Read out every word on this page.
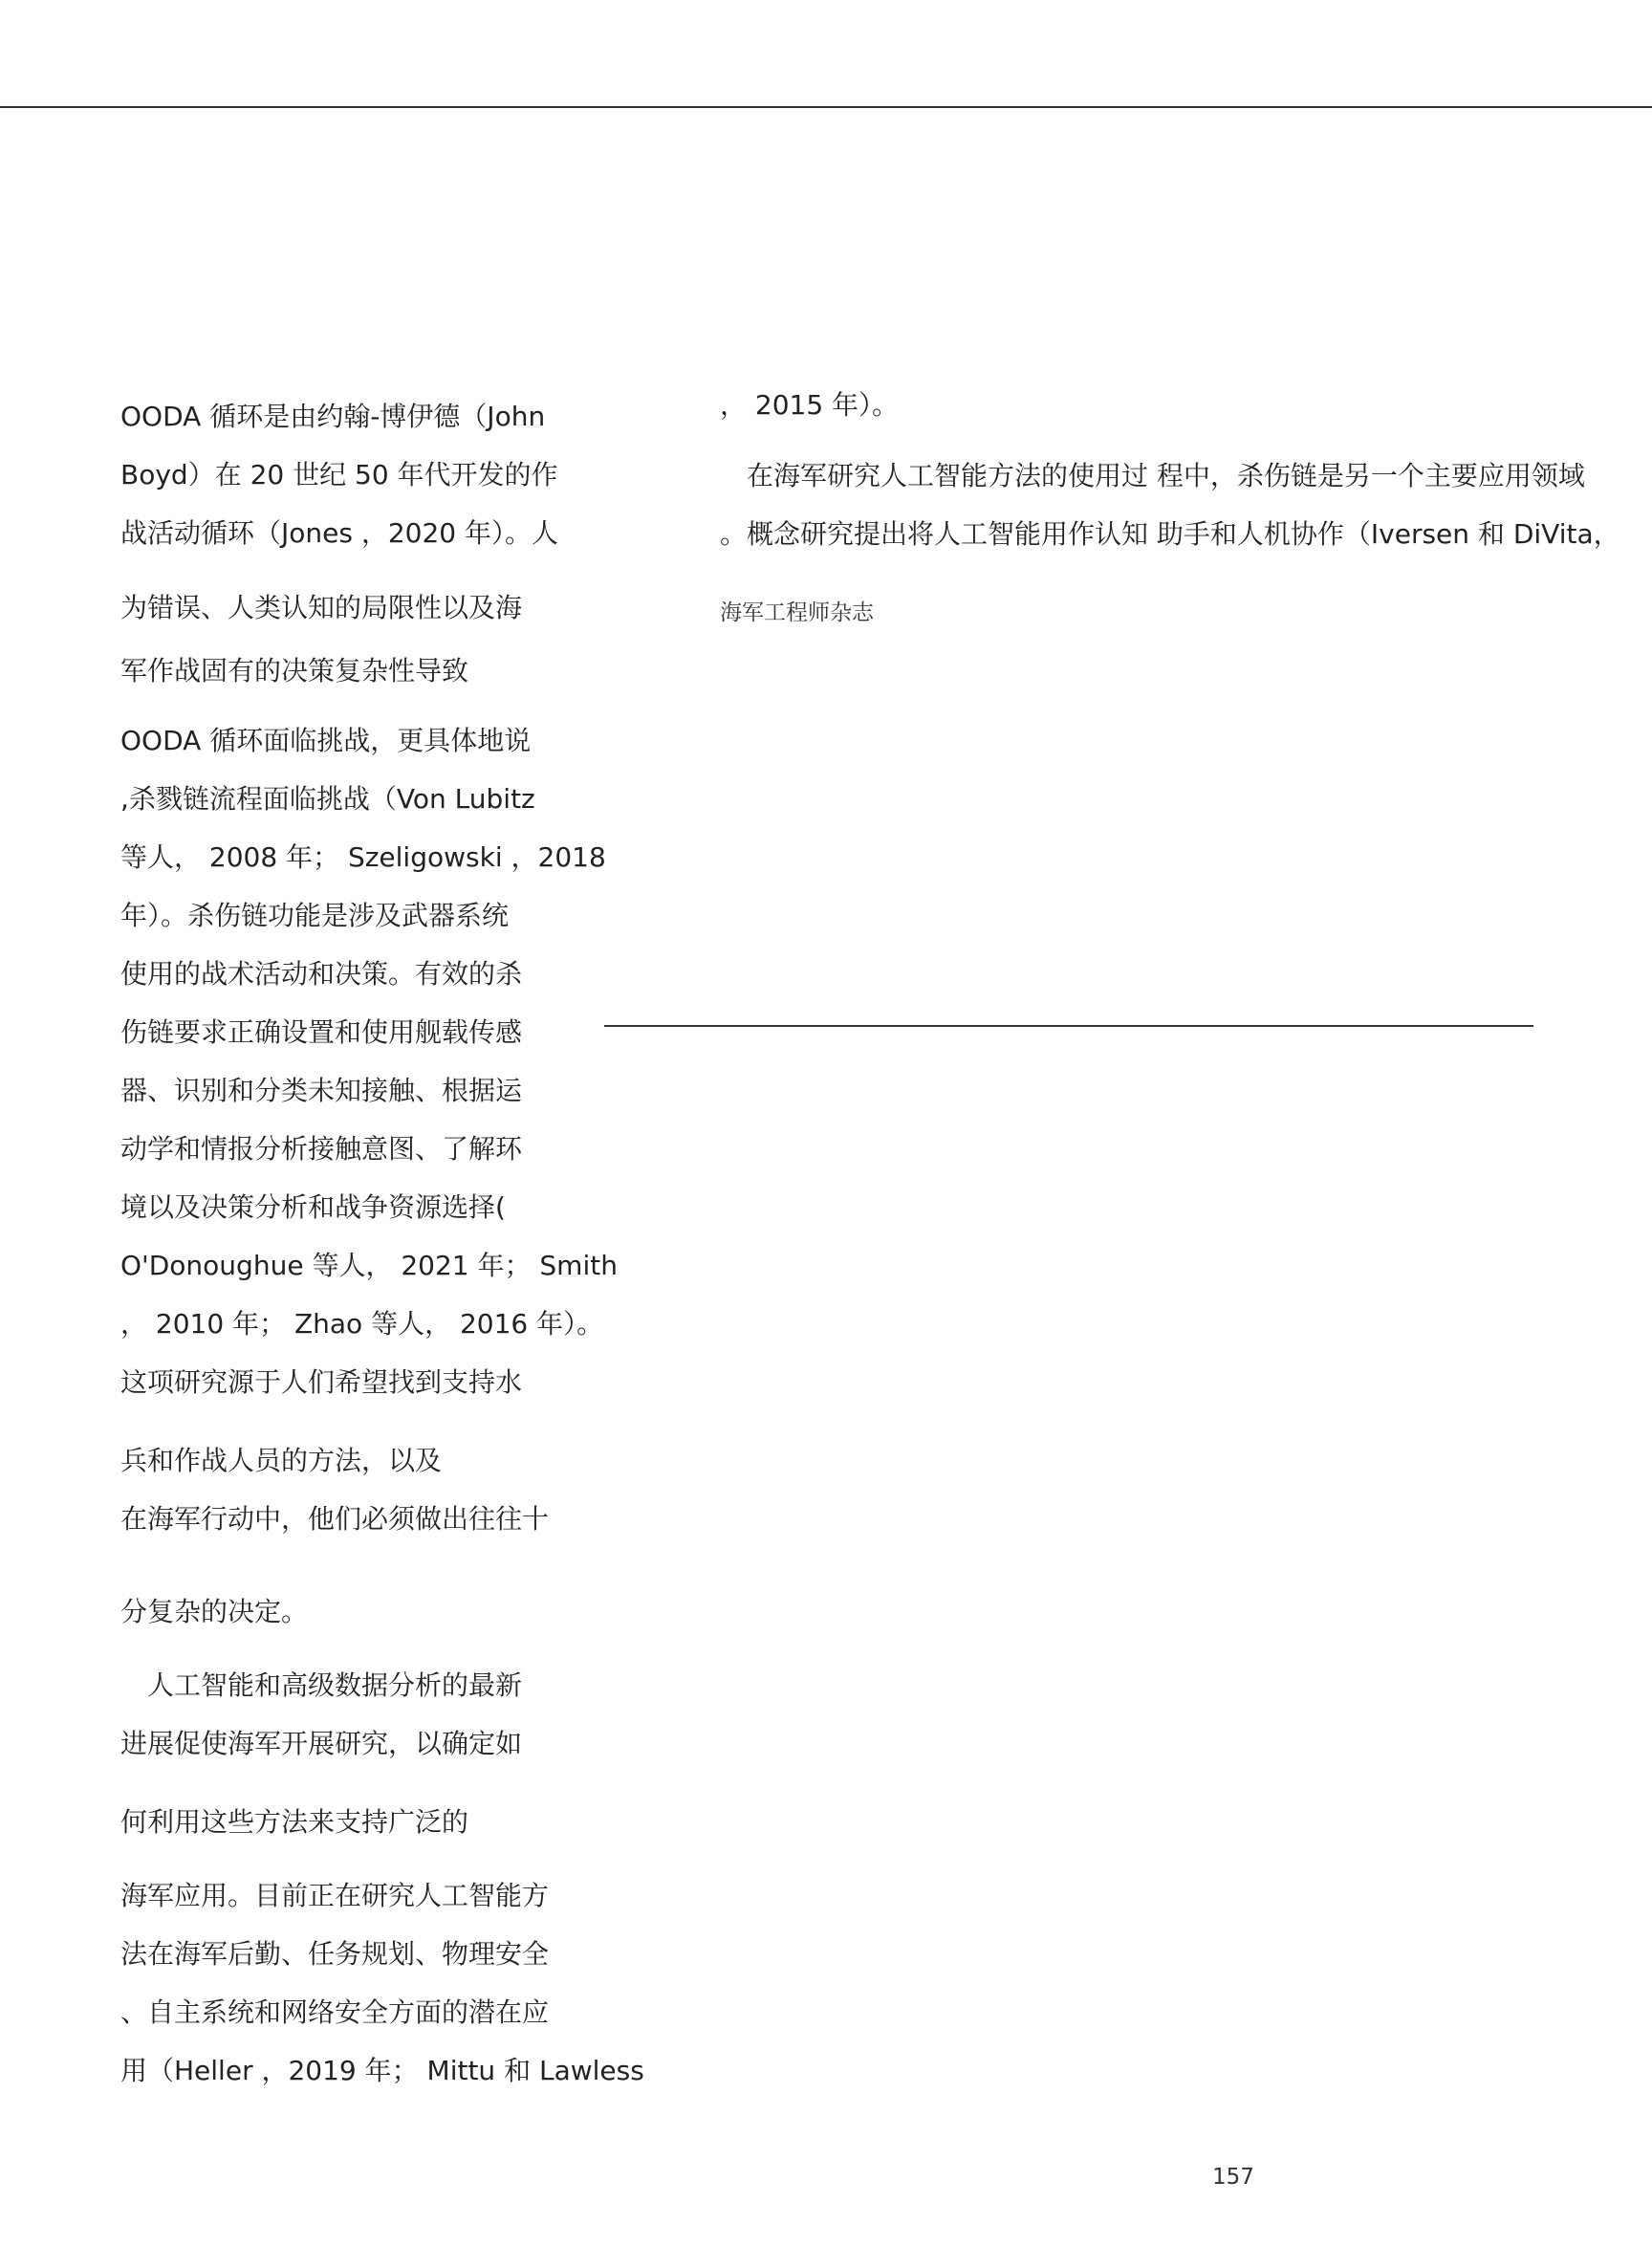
OODA 循环是由约翰-博伊德（John
Boyd）在 20 世纪 50 年代开发的作
战活动循环（Jones ，2020 年）。人
为错误、人类认知的局限性以及海
军作战固有的决策复杂性导致
OODA 循环面临挑战，更具体地说
,杀戮链流程面临挑战（Von Lubitz
等人， 2008 年； Szeligowski ，2018
年）。杀伤链功能是涉及武器系统
使用的战术活动和决策。有效的杀
伤链要求正确设置和使用舰载传感
器、识别和分类未知接触、根据运
动学和情报分析接触意图、了解环
境以及决策分析和战争资源选择(
O'Donoughue 等人， 2021 年； Smith
， 2010 年； Zhao 等人， 2016 年）。
这项研究源于人们希望找到支持水
兵和作战人员的方法，以及
在海军行动中，他们必须做出往往十
分复杂的决定。
　人工智能和高级数据分析的最新
进展促使海军开展研究，以确定如
何利用这些方法来支持广泛的
海军应用。目前正在研究人工智能方
法在海军后勤、任务规划、物理安全
、自主系统和网络安全方面的潜在应
用（Heller ，2019 年； Mittu 和 Lawless
， 2015 年）。
　在海军研究人工智能方法的使用过 程中，杀伤链是另一个主要应用领域
。概念研究提出将人工智能用作认知 助手和人机协作（Iversen 和 DiVita，
海军工程师杂志
157
